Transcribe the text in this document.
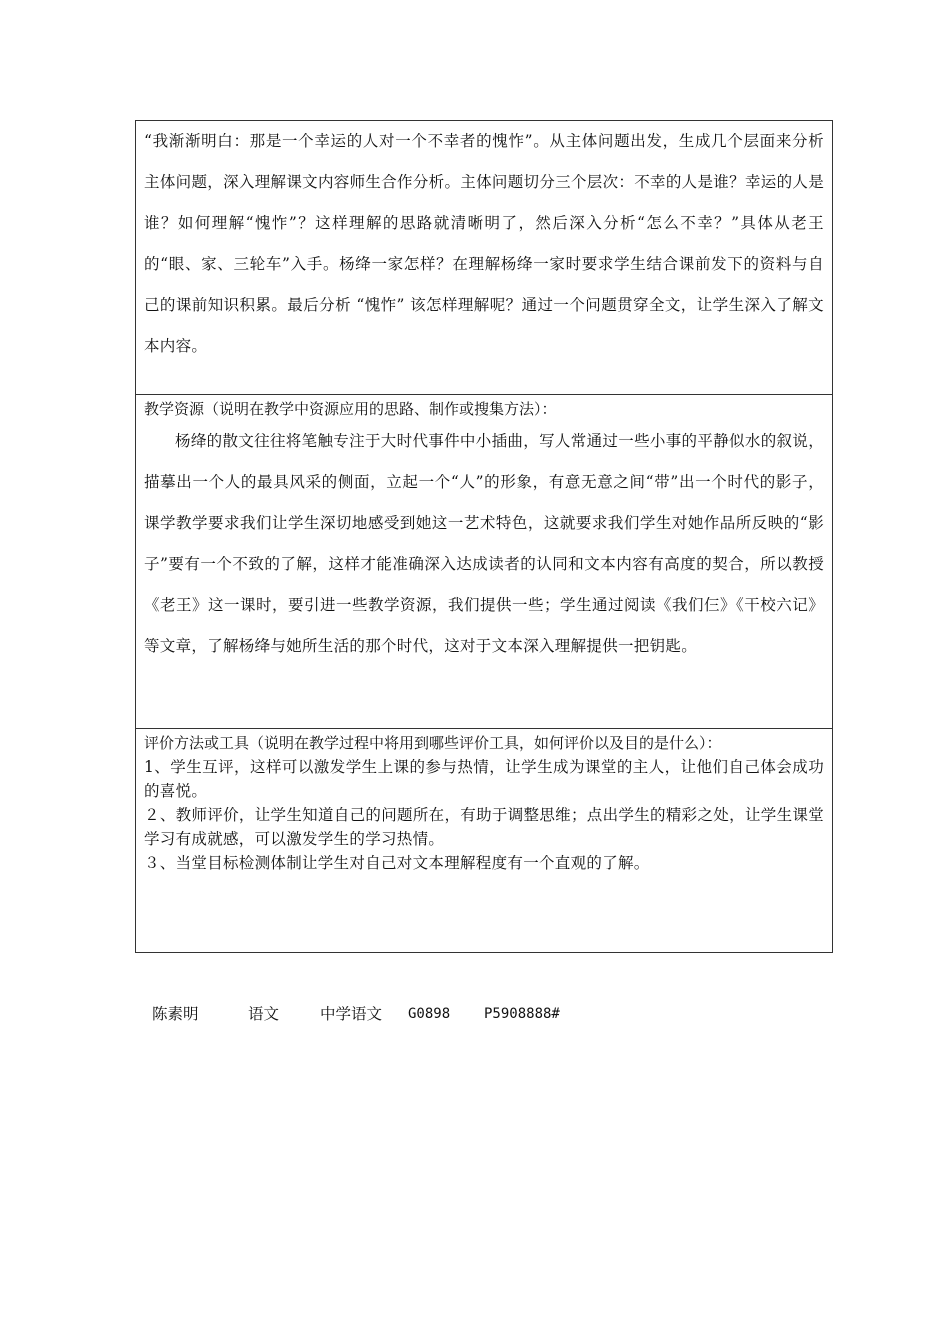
“我渐渐明白：那是一个幸运的人对一个不幸者的愧怍”。从主体问题出发，生成几个层面来分析主体问题，深入理解课文内容师生合作分析。主体问题切分三个层次：不幸的人是谁？幸运的人是谁？如何理解“愧怍”？这样理解的思路就清晰明了，然后深入分析“怎么不幸？”具体从老王的“眼、家、三轮车”入手。杨绛一家怎样？在理解杨绛一家时要求学生结合课前发下的资料与自己的课前知识积累。最后分析 “愧怍” 该怎样理解呢？通过一个问题贯穿全文，让学生深入了解文本内容。

教学资源（说明在教学中资源应用的思路、制作或搜集方法）：

杨绛的散文往往将笔触专注于大时代事件中小插曲，写人常通过一些小事的平静似水的叙说，描摹出一个人的最具风采的侧面，立起一个“人”的形象，有意无意之间“带”出一个时代的影子，课学教学要求我们让学生深切地感受到她这一艺术特色，这就要求我们学生对她作品所反映的“影子”要有一个不致的了解，这样才能准确深入达成读者的认同和文本内容有高度的契合，所以教授《老王》这一课时，要引进一些教学资源，我们提供一些；学生通过阅读《我们仨》《干校六记》等文章，了解杨绛与她所生活的那个时代，这对于文本深入理解提供一把钥匙。

评价方法或工具（说明在教学过程中将用到哪些评价工具，如何评价以及目的是什么）：

1、学生互评，这样可以激发学生上课的参与热情，让学生成为课堂的主人，让他们自己体会成功的喜悦。

２、教师评价，让学生知道自己的问题所在，有助于调整思维；点出学生的精彩之处，让学生课堂学习有成就感，可以激发学生的学习热情。

３、当堂目标检测体制让学生对自己对文本理解程度有一个直观的了解。

陈素明	语文	中学语文 G0898 P5908888#
